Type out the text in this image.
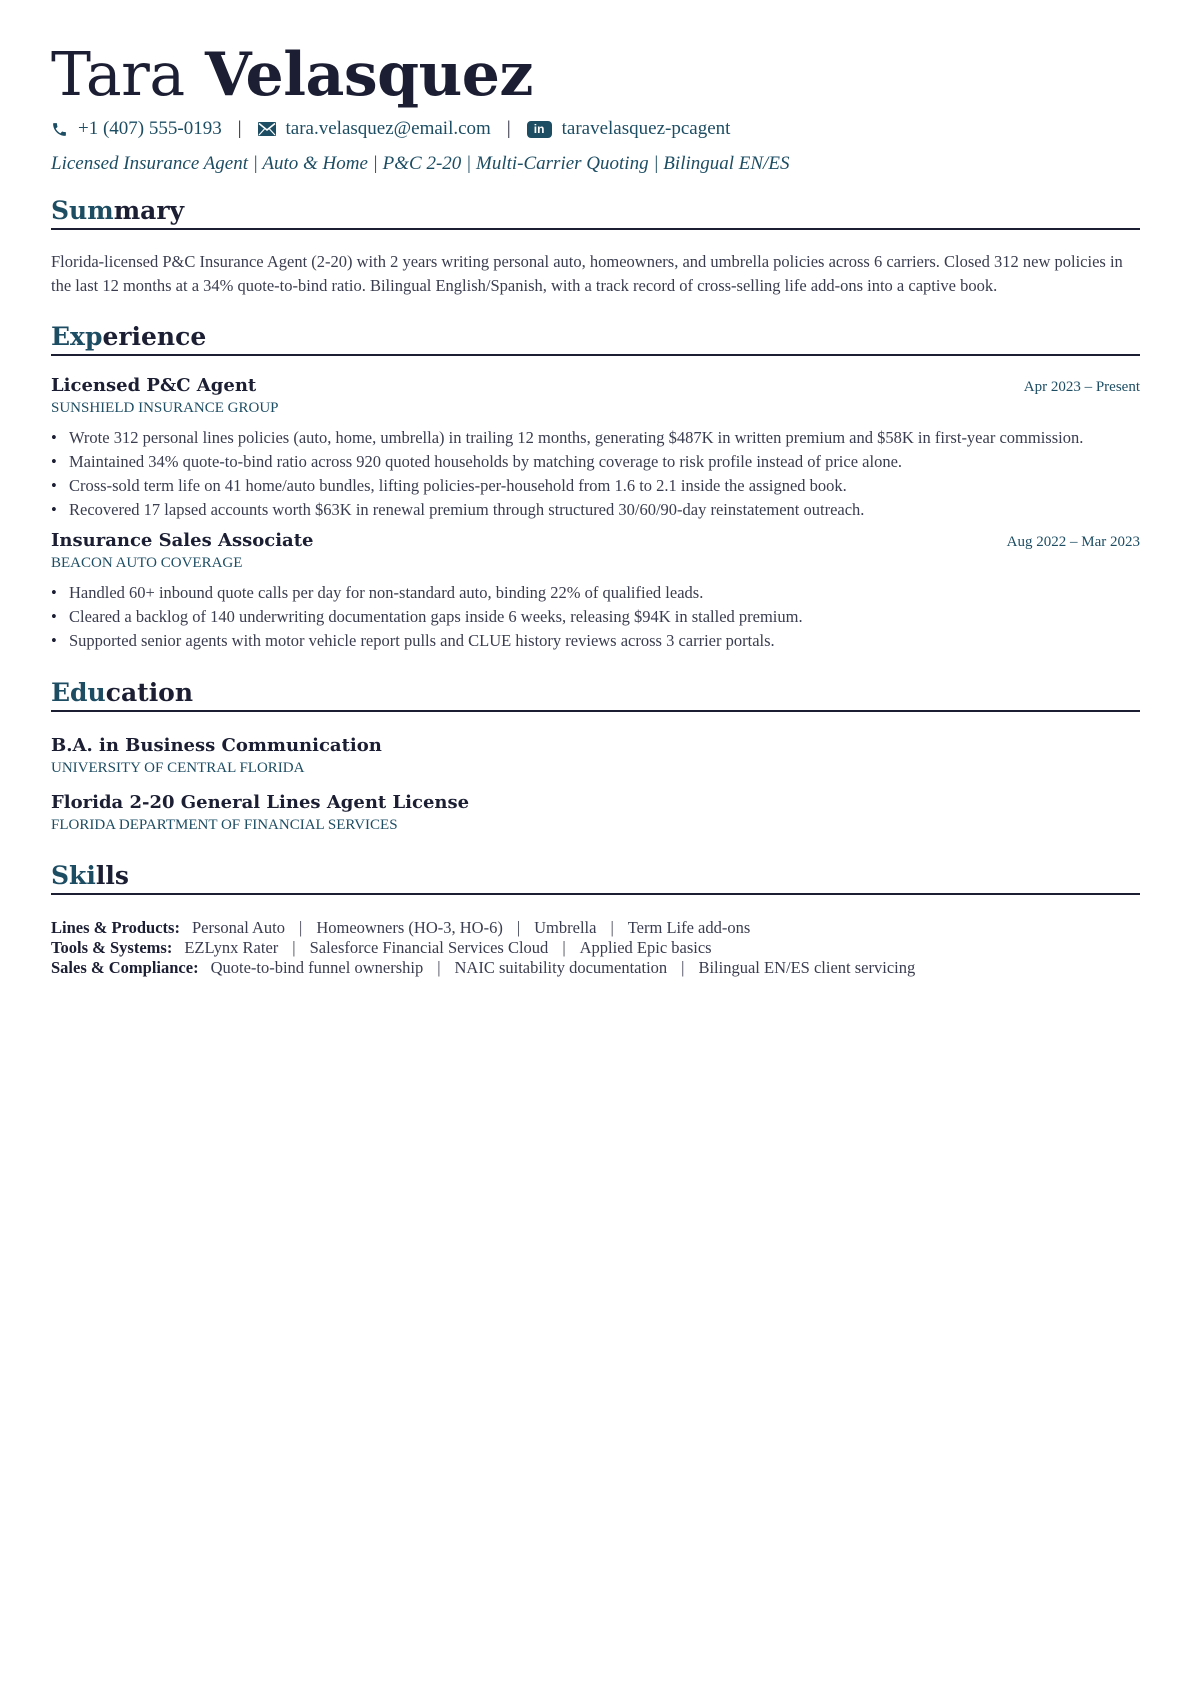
Tara Velasquez
+1 (407) 555-0193 | tara.velasquez@email.com |	in taravelasquez-pcagent
Licensed Insurance Agent | Auto & Home | P&C 2-20 | Multi-Carrier Quoting | Bilingual EN/ES
Summary

Florida-licensed P&C Insurance Agent (2-20) with 2 years writing personal auto, homeowners, and umbrella policies across 6 carriers. Closed 312 new policies in the last 12 months at a 34% quote-to-bind ratio. Bilingual English/Spanish, with a track record of cross-selling life add-ons into a captive book.

Experience
Licensed P&C Agent	Apr 2023 – Present
SUNSHIELD INSURANCE GROUP
• Wrote 312 personal lines policies (auto, home, umbrella) in trailing 12 months, generating $487K in written premium and $58K in first-year commission.
• Maintained 34% quote-to-bind ratio across 920 quoted households by matching coverage to risk profile instead of price alone.
• Cross-sold term life on 41 home/auto bundles, lifting policies-per-household from 1.6 to 2.1 inside the assigned book.
• Recovered 17 lapsed accounts worth $63K in renewal premium through structured 30/60/90-day reinstatement outreach.
Insurance Sales Associate	Aug 2022 – Mar 2023
BEACON AUTO COVERAGE
• Handled 60+ inbound quote calls per day for non-standard auto, binding 22% of qualified leads.
• Cleared a backlog of 140 underwriting documentation gaps inside 6 weeks, releasing $94K in stalled premium.
• Supported senior agents with motor vehicle report pulls and CLUE history reviews across 3 carrier portals.
Education
B.A. in Business Communication
UNIVERSITY OF CENTRAL FLORIDA
Florida 2-20 General Lines Agent License
FLORIDA DEPARTMENT OF FINANCIAL SERVICES
Skills
Lines & Products: Personal Auto | Homeowners (HO-3, HO-6) | Umbrella | Term Life add-ons
Tools & Systems: EZLynx Rater | Salesforce Financial Services Cloud | Applied Epic basics
Sales & Compliance: Quote-to-bind funnel ownership | NAIC suitability documentation | Bilingual EN/ES client servicing
